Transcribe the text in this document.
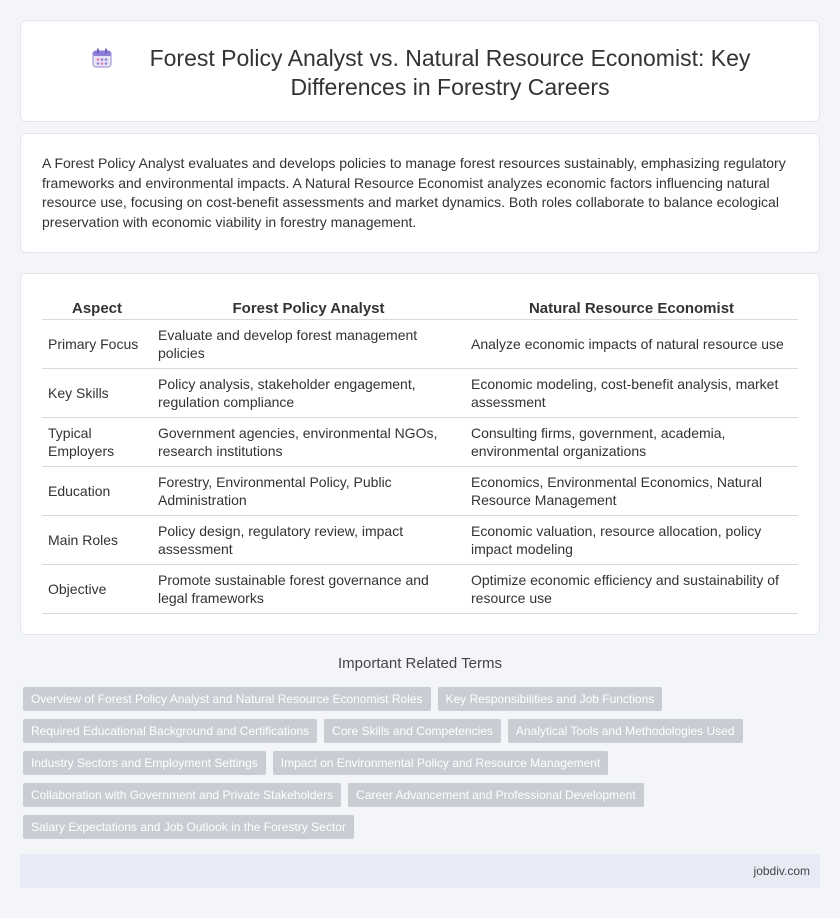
Forest Policy Analyst vs. Natural Resource Economist: Key Differences in Forestry Careers

A Forest Policy Analyst evaluates and develops policies to manage forest resources sustainably, emphasizing regulatory frameworks and environmental impacts. A Natural Resource Economist analyzes economic factors influencing natural resource use, focusing on cost-benefit assessments and market dynamics. Both roles collaborate to balance ecological preservation with economic viability in forestry management.

Aspect	Forest Policy Analyst	Natural Resource Economist
Primary Focus	Evaluate and develop forest management policies	Analyze economic impacts of natural resource use
Key Skills	Policy analysis, stakeholder engagement, regulation compliance	Economic modeling, cost-benefit analysis, market assessment
Typical Employers	Government agencies, environmental NGOs, research institutions	Consulting firms, government, academia, environmental organizations
Education	Forestry, Environmental Policy, Public Administration	Economics, Environmental Economics, Natural Resource Management
Main Roles	Policy design, regulatory review, impact assessment	Economic valuation, resource allocation, policy impact modeling
Objective	Promote sustainable forest governance and legal frameworks	Optimize economic efficiency and sustainability of resource use
Important Related Terms
Overview of Forest Policy Analyst and Natural Resource Economist Roles	Key Responsibilities and Job Functions
Required Educational Background and Certifications	Core Skills and Competencies	Analytical Tools and Methodologies Used
Industry Sectors and Employment Settings	Impact on Environmental Policy and Resource Management
Collaboration with Government and Private Stakeholders	Career Advancement and Professional Development
Salary Expectations and Job Outlook in the Forestry Sector
jobdiv.com
